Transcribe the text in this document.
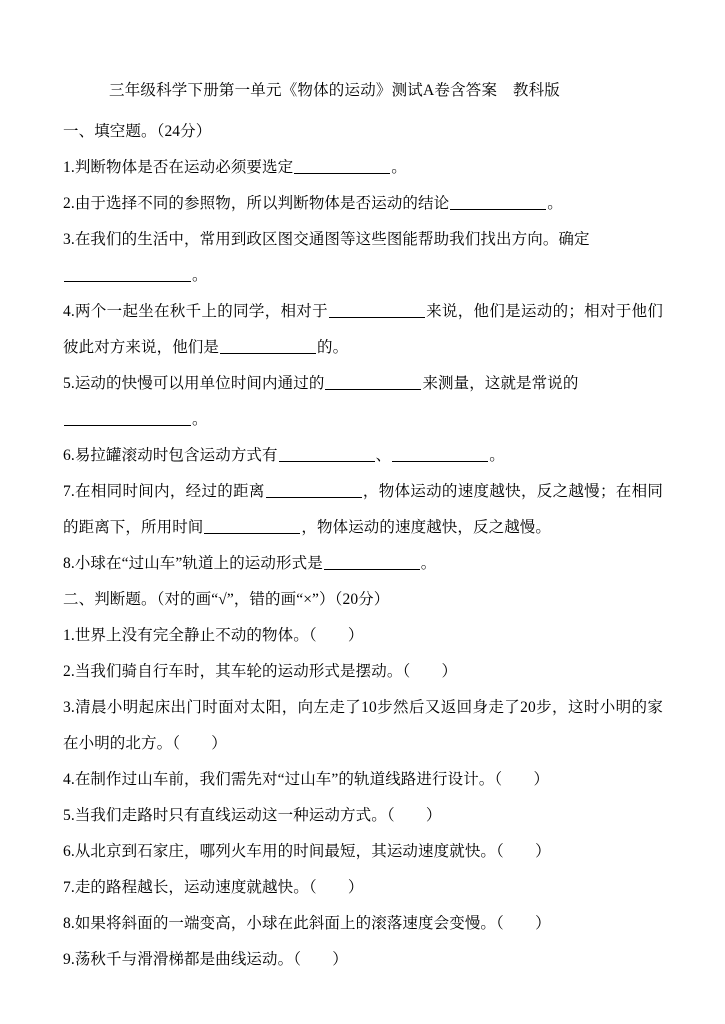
三年级科学下册第一单元《物体的运动》测试A卷含答案　教科版
一、填空题。（24分）
1.判断物体是否在运动必须要选定	。
2.由于选择不同的参照物，所以判断物体是否运动的结论	。
3.在我们的生活中，常用到政区图交通图等这些图能帮助我们找出方向。确定
。
4.两个一起坐在秋千上的同学，相对于	来说，他们是运动的；相对于他们彼此对方来说，他们是	的。
5.运动的快慢可以用单位时间内通过的	来测量，这就是常说的
。
6.易拉罐滚动时包含运动方式有	、	。
7.在相同时间内，经过的距离	，物体运动的速度越快，反之越慢；在相同的距离下，所用时间	，物体运动的速度越快，反之越慢。
8.小球在“过山车”轨道上的运动形式是	。
二、判断题。（对的画“√”，错的画“×”）（20分）
1.世界上没有完全静止不动的物体。（　　）
2.当我们骑自行车时，其车轮的运动形式是摆动。（　　）
3.清晨小明起床出门时面对太阳，向左走了10步然后又返回身走了20步，这时小明的家在小明的北方。（　　）
4.在制作过山车前，我们需先对“过山车”的轨道线路进行设计。（　　）
5.当我们走路时只有直线运动这一种运动方式。（　　）
6.从北京到石家庄，哪列火车用的时间最短，其运动速度就快。（　　）
7.走的路程越长，运动速度就越快。（　　）
8.如果将斜面的一端变高，小球在此斜面上的滚落速度会变慢。（　　）
9.荡秋千与滑滑梯都是曲线运动。（　　）
